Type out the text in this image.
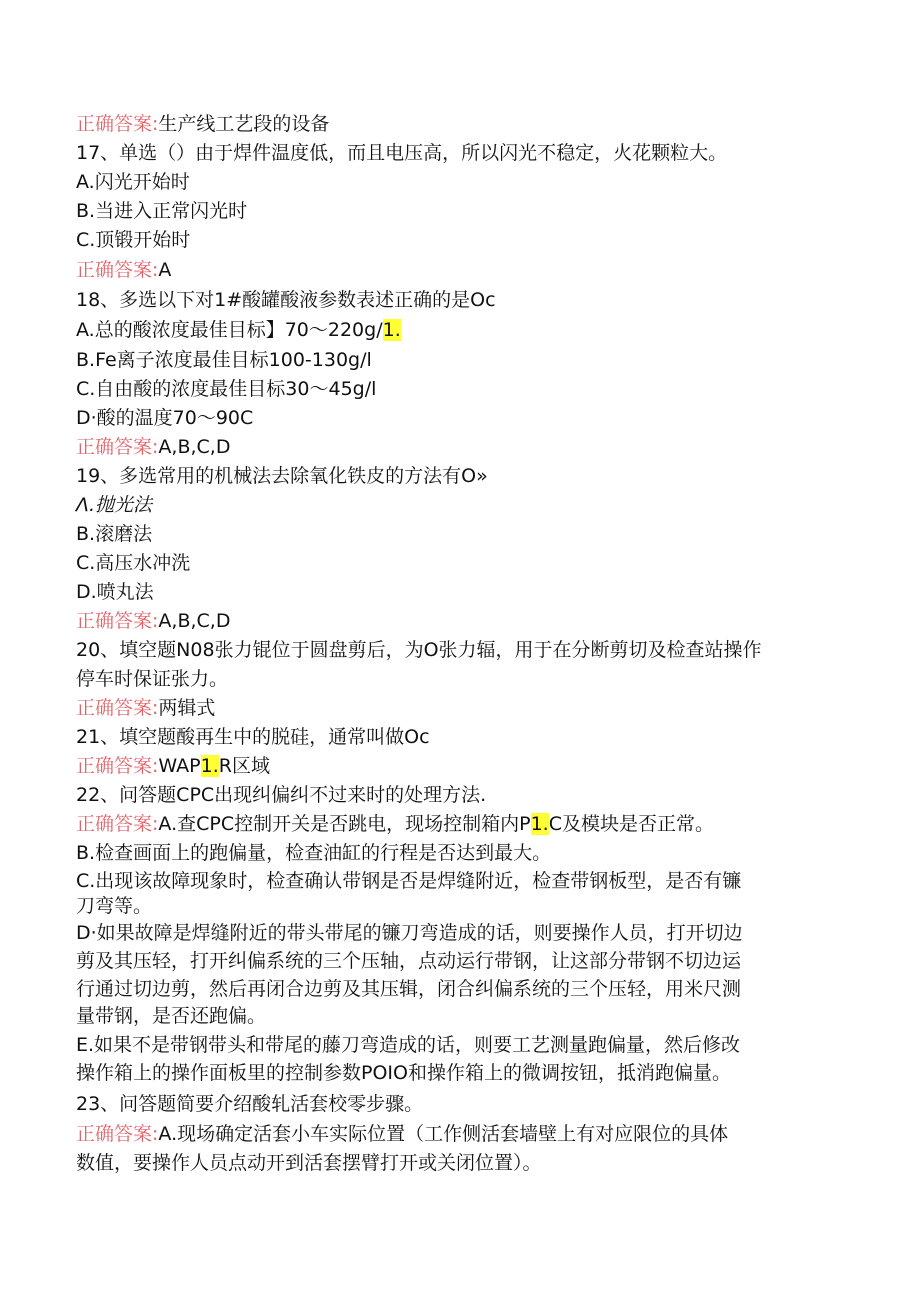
正确答案:生产线工艺段的设备
17、单选（）由于焊件温度低，而且电压高，所以闪光不稳定，火花颗粒大。
A.闪光开始时
B.当进入正常闪光时
C.顶锻开始时
正确答案:A
18、多选以下对1#酸罐酸液参数表述正确的是Oc
A.总的酸浓度最佳目标】70～220g/1.
B.Fe离子浓度最佳目标100-130g/l
C.自由酸的浓度最佳目标30～45g/l
D·酸的温度70～90C
正确答案:A,B,C,D
19、多选常用的机械法去除氧化铁皮的方法有O»
Λ.抛光法
B.滚磨法
C.高压水冲洗
D.喷丸法
正确答案:A,B,C,D
20、填空题N08张力锟位于圆盘剪后，为O张力辐，用于在分断剪切及检查站操作
停车时保证张力。
正确答案:两辑式
21、填空题酸再生中的脱硅，通常叫做Oc
正确答案:WAP1.R区域
22、问答题CPC出现纠偏纠不过来时的处理方法.
正确答案:A.查CPC控制开关是否跳电，现场控制箱内P1.C及模块是否正常。
B.检查画面上的跑偏量，检查油缸的行程是否达到最大。
C.出现该故障现象时，检查确认带钢是否是焊缝附近，检查带钢板型，是否有镰
刀弯等。
D·如果故障是焊缝附近的带头带尾的镰刀弯造成的话，则要操作人员，打开切边
剪及其压轻，打开纠偏系统的三个压轴，点动运行带钢，让这部分带钢不切边运
行通过切边剪，然后再闭合边剪及其压辑，闭合纠偏系统的三个压轻，用米尺测
量带钢，是否还跑偏。
E.如果不是带钢带头和带尾的藤刀弯造成的话，则要工艺测量跑偏量，然后修改
操作箱上的操作面板里的控制参数POIO和操作箱上的微调按钮，抵消跑偏量。
23、问答题简要介绍酸轧活套校零步骤。
正确答案:A.现场确定活套小车实际位置（工作侧活套墙壁上有对应限位的具体
数值，要操作人员点动开到活套摆臂打开或关闭位置）。
